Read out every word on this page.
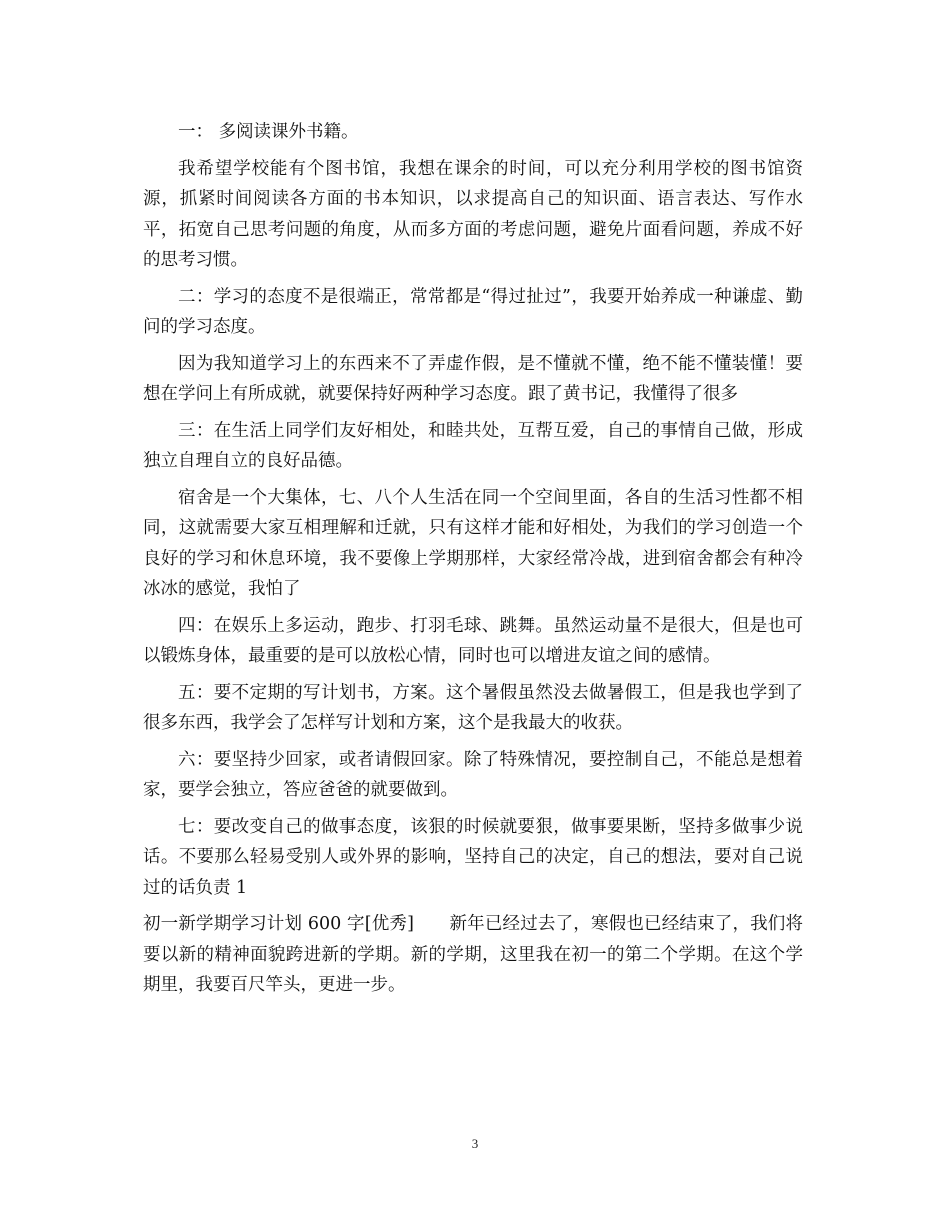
一： 多阅读课外书籍。

我希望学校能有个图书馆，我想在课余的时间，可以充分利用学校的图书馆资源，抓紧时间阅读各方面的书本知识，以求提高自己的知识面、语言表达、写作水平，拓宽自己思考问题的角度，从而多方面的考虑问题，避免片面看问题，养成不好的思考习惯。

二：学习的态度不是很端正，常常都是“得过扯过”，我要开始养成一种谦虚、勤问的学习态度。

因为我知道学习上的东西来不了弄虚作假，是不懂就不懂，绝不能不懂装懂！要想在学问上有所成就，就要保持好两种学习态度。跟了黄书记，我懂得了很多

三：在生活上同学们友好相处，和睦共处，互帮互爱，自己的事情自己做，形成独立自理自立的良好品德。

宿舍是一个大集体，七、八个人生活在同一个空间里面，各自的生活习性都不相同，这就需要大家互相理解和迁就，只有这样才能和好相处，为我们的学习创造一个良好的学习和休息环境，我不要像上学期那样，大家经常冷战，进到宿舍都会有种冷冰冰的感觉，我怕了

四：在娱乐上多运动，跑步、打羽毛球、跳舞。虽然运动量不是很大，但是也可以锻炼身体，最重要的是可以放松心情，同时也可以增进友谊之间的感情。

五：要不定期的写计划书，方案。这个暑假虽然没去做暑假工，但是我也学到了很多东西，我学会了怎样写计划和方案，这个是我最大的收获。

六：要坚持少回家，或者请假回家。除了特殊情况，要控制自己，不能总是想着家，要学会独立，答应爸爸的就要做到。

七：要改变自己的做事态度，该狠的时候就要狠，做事要果断，坚持多做事少说话。不要那么轻易受别人或外界的影响，坚持自己的决定，自己的想法，要对自己说过的话负责 1

初一新学期学习计划 600 字[优秀]　　新年已经过去了，寒假也已经结束了，我们将要以新的精神面貌跨进新的学期。新的学期，这里我在初一的第二个学期。在这个学期里，我要百尺竿头，更进一步。

3
